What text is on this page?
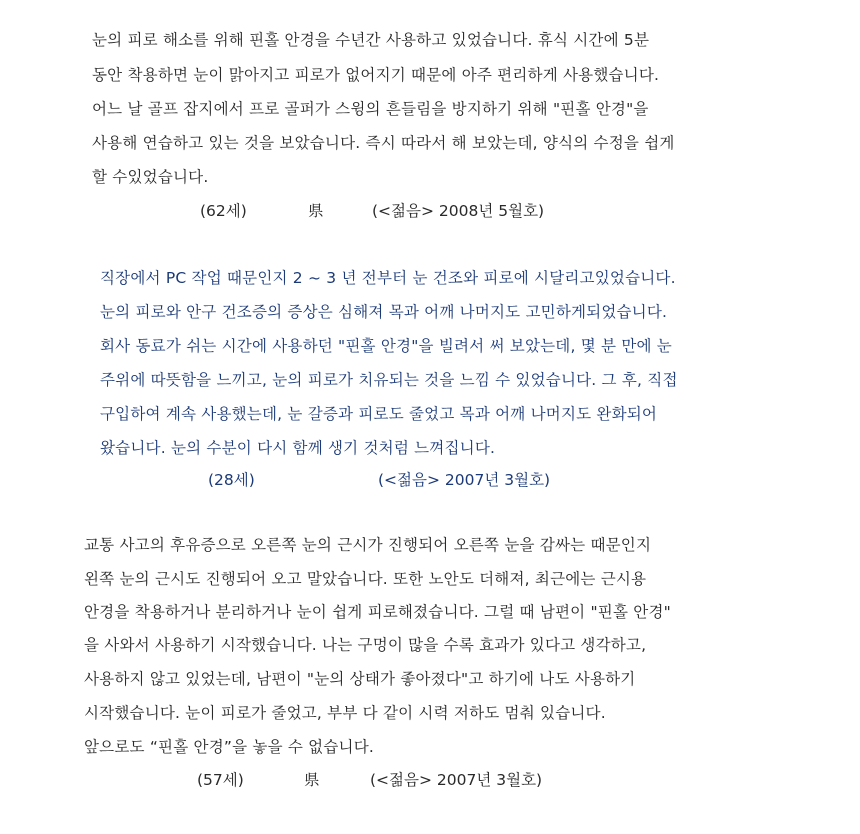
눈의 피로 해소를 위해 핀홀 안경을 수년간 사용하고 있었습니다. 휴식 시간에 5분
동안 착용하면 눈이 맑아지고 피로가 없어지기 때문에 아주 편리하게 사용했습니다.
어느 날 골프 잡지에서 프로 골퍼가 스윙의 흔들림을 방지하기 위해 "핀홀 안경"을
사용해 연습하고 있는 것을 보았습니다. 즉시 따라서 해 보았는데, 양식의 수정을 쉽게
할 수있었습니다.
(62세)	県	(<젊음> 2008년 5월호)
직장에서 PC 작업 때문인지 2 ~ 3 년 전부터 눈 건조와 피로에 시달리고있었습니다.
눈의 피로와 안구 건조증의 증상은 심해져 목과 어깨 나머지도 고민하게되었습니다.
회사 동료가 쉬는 시간에 사용하던 "핀홀 안경"을 빌려서 써 보았는데, 몇 분 만에 눈
주위에 따뜻함을 느끼고, 눈의 피로가 치유되는 것을 느낌 수 있었습니다. 그 후, 직접
구입하여 계속 사용했는데, 눈 갈증과 피로도 줄었고 목과 어깨 나머지도 완화되어
왔습니다. 눈의 수분이 다시 함께 생기 것처럼 느껴집니다.
(28세)	(<젊음> 2007년 3월호)
교통 사고의 후유증으로 오른쪽 눈의 근시가 진행되어 오른쪽 눈을 감싸는 때문인지
왼쪽 눈의 근시도 진행되어 오고 말았습니다. 또한 노안도 더해져, 최근에는 근시용
안경을 착용하거나 분리하거나 눈이 쉽게 피로해졌습니다. 그럴 때 남편이 "핀홀 안경"
을 사와서 사용하기 시작했습니다. 나는 구멍이 많을 수록 효과가 있다고 생각하고,
사용하지 않고 있었는데, 남편이 "눈의 상태가 좋아졌다"고 하기에 나도 사용하기
시작했습니다. 눈이 피로가 줄었고, 부부 다 같이 시력 저하도 멈춰 있습니다.
앞으로도 “핀홀 안경”을 놓을 수 없습니다.
(57세)	県	(<젊음> 2007년 3월호)
